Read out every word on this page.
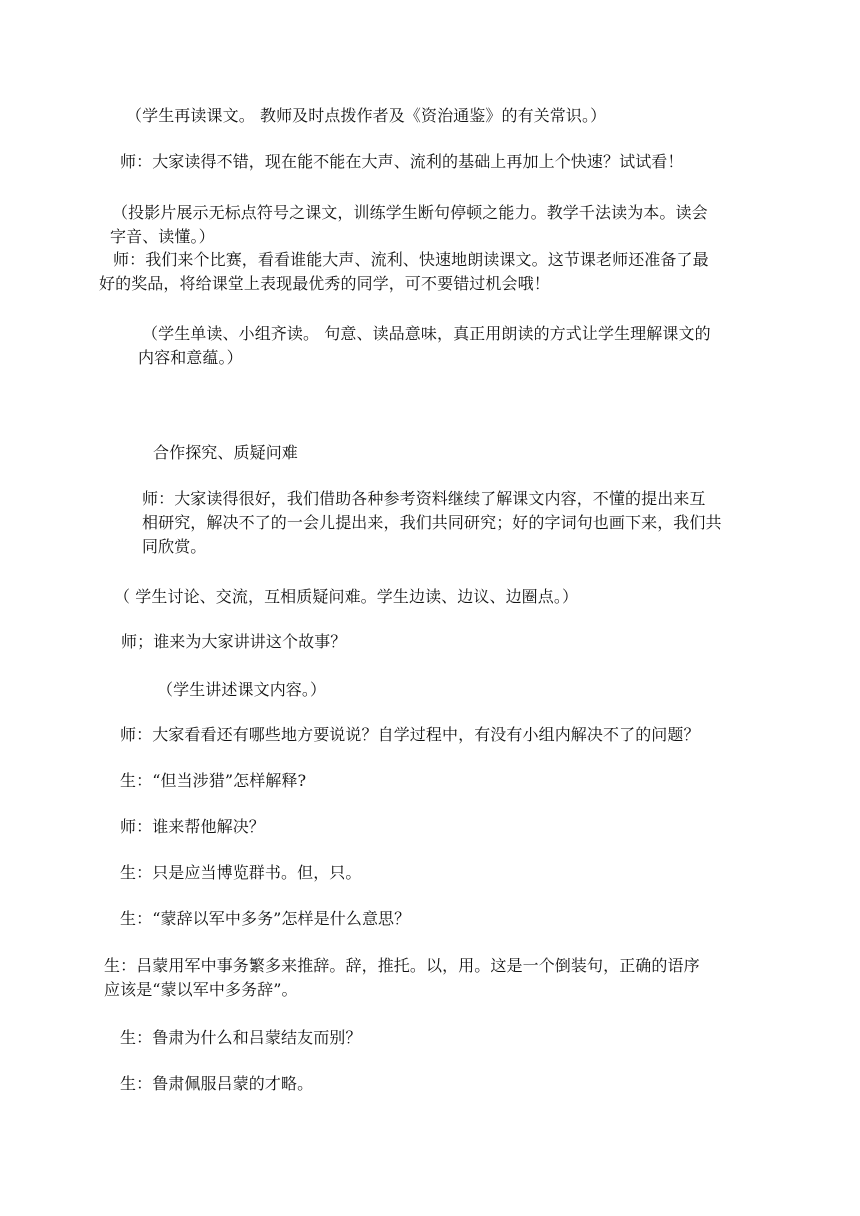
（学生再读课文。 教师及时点拨作者及《资治通鉴》的有关常识。）
师：大家读得不错，现在能不能在大声、流利的基础上再加上个快速？试试看！
（投影片展示无标点符号之课文，训练学生断句停顿之能力。教学千法读为本。读会
字音、读懂。）
师：我们来个比赛，看看谁能大声、流利、快速地朗读课文。这节课老师还准备了最
好的奖品，将给课堂上表现最优秀的同学，可不要错过机会哦！
（学生单读、小组齐读。 句意、读品意味，真正用朗读的方式让学生理解课文的
内容和意蕴。）
合作探究、质疑问难
师：大家读得很好，我们借助各种参考资料继续了解课文内容，不懂的提出来互
相研究，解决不了的一会儿提出来，我们共同研究；好的字词句也画下来，我们共
同欣赏。
（ 学生讨论、交流，互相质疑问难。学生边读、边议、边圈点。）
师；谁来为大家讲讲这个故事？
（学生讲述课文内容。）
师：大家看看还有哪些地方要说说？自学过程中，有没有小组内解决不了的问题？
生：“但当涉猎”怎样解释?
师：谁来帮他解决？
生：只是应当博览群书。但，只。
生：“蒙辞以军中多务”怎样是什么意思？
生：吕蒙用军中事务繁多来推辞。辞，推托。以，用。这是一个倒装句，正确的语序
应该是“蒙以军中多务辞”。
生：鲁肃为什么和吕蒙结友而别？
生：鲁肃佩服吕蒙的才略。
